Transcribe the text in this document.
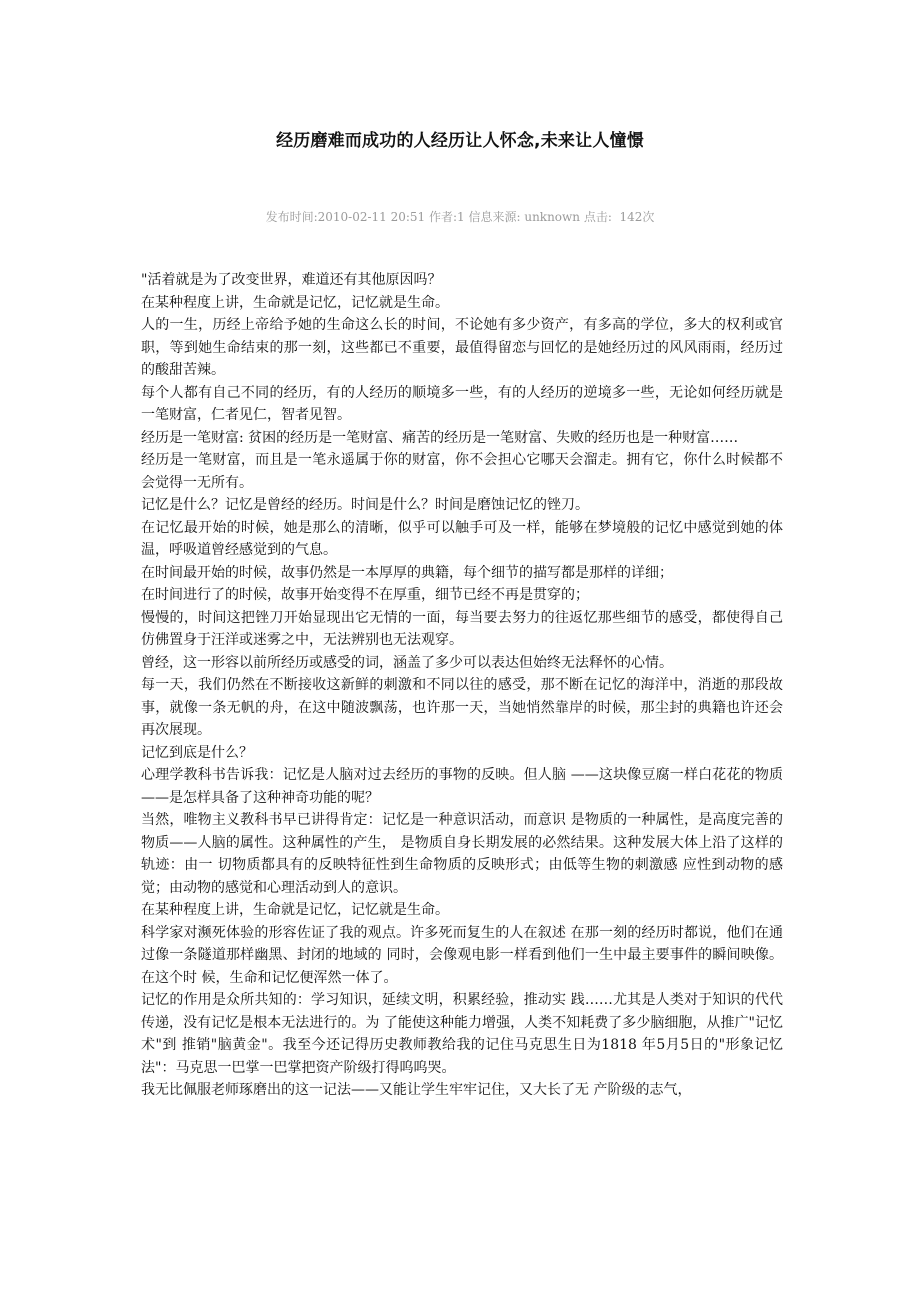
经历磨难而成功的人经历让人怀念,未来让人憧憬
发布时间:2010-02-11 20:51 作者:1 信息来源: unknown 点击:  142次

"活着就是为了改变世界，难道还有其他原因吗？

在某种程度上讲，生命就是记忆，记忆就是生命。

人的一生，历经上帝给予她的生命这么长的时间，不论她有多少资产，有多高的学位，多大的权利或官职，等到她生命结束的那一刻，这些都已不重要，最值得留恋与回忆的是她经历过的风风雨雨，经历过的酸甜苦辣。

每个人都有自己不同的经历，有的人经历的顺境多一些，有的人经历的逆境多一些，无论如何经历就是一笔财富，仁者见仁，智者见智。

经历是一笔财富: 贫困的经历是一笔财富、痛苦的经历是一笔财富、失败的经历也是一种财富……

经历是一笔财富，而且是一笔永遥属于你的财富，你不会担心它哪天会溜走。拥有它，你什么时候都不会觉得一无所有。

记忆是什么？记忆是曾经的经历。时间是什么？时间是磨蚀记忆的锉刀。

在记忆最开始的时候，她是那么的清晰，似乎可以触手可及一样，能够在梦境般的记忆中感觉到她的体温，呼吸道曾经感觉到的气息。

在时间最开始的时候，故事仍然是一本厚厚的典籍，每个细节的描写都是那样的详细；

在时间进行了的时候，故事开始变得不在厚重，细节已经不再是贯穿的；

慢慢的，时间这把锉刀开始显现出它无情的一面，每当要去努力的往返忆那些细节的感受，都使得自己仿佛置身于汪洋或迷雾之中，无法辨别也无法观穿。

曾经，这一形容以前所经历或感受的词，涵盖了多少可以表达但始终无法释怀的心情。

每一天，我们仍然在不断接收这新鲜的刺激和不同以往的感受，那不断在记忆的海洋中，消逝的那段故事，就像一条无帆的舟，在这中随波飘荡，也许那一天，当她悄然靠岸的时候，那尘封的典籍也许还会再次展现。

记忆到底是什么？

心理学教科书告诉我：记忆是人脑对过去经历的事物的反映。但人脑 ——这块像豆腐一样白花花的物质——是怎样具备了这种神奇功能的呢？

当然，唯物主义教科书早已讲得肯定：记忆是一种意识活动，而意识 是物质的一种属性，是高度完善的物质——人脑的属性。这种属性的产生， 是物质自身长期发展的必然结果。这种发展大体上沿了这样的轨迹：由一 切物质都具有的反映特征性到生命物质的反映形式；由低等生物的刺激感 应性到动物的感觉；由动物的感觉和心理活动到人的意识。

在某种程度上讲，生命就是记忆，记忆就是生命。

科学家对濒死体验的形容佐证了我的观点。许多死而复生的人在叙述 在那一刻的经历时都说，他们在通过像一条隧道那样幽黑、封闭的地域的 同时，会像观电影一样看到他们一生中最主要事件的瞬间映像。在这个时 候，生命和记忆便浑然一体了。

记忆的作用是众所共知的：学习知识，延续文明，积累经验，推动实 践……尤其是人类对于知识的代代传递，没有记忆是根本无法进行的。为 了能使这种能力增强，人类不知耗费了多少脑细胞，从推广"记忆术"到 推销"脑黄金"。我至今还记得历史教师教给我的记住马克思生日为1818 年5月5日的"形象记忆法"：马克思一巴掌一巴掌把资产阶级打得呜呜哭。

我无比佩服老师琢磨出的这一记法——又能让学生牢牢记住，又大长了无 产阶级的志气，
